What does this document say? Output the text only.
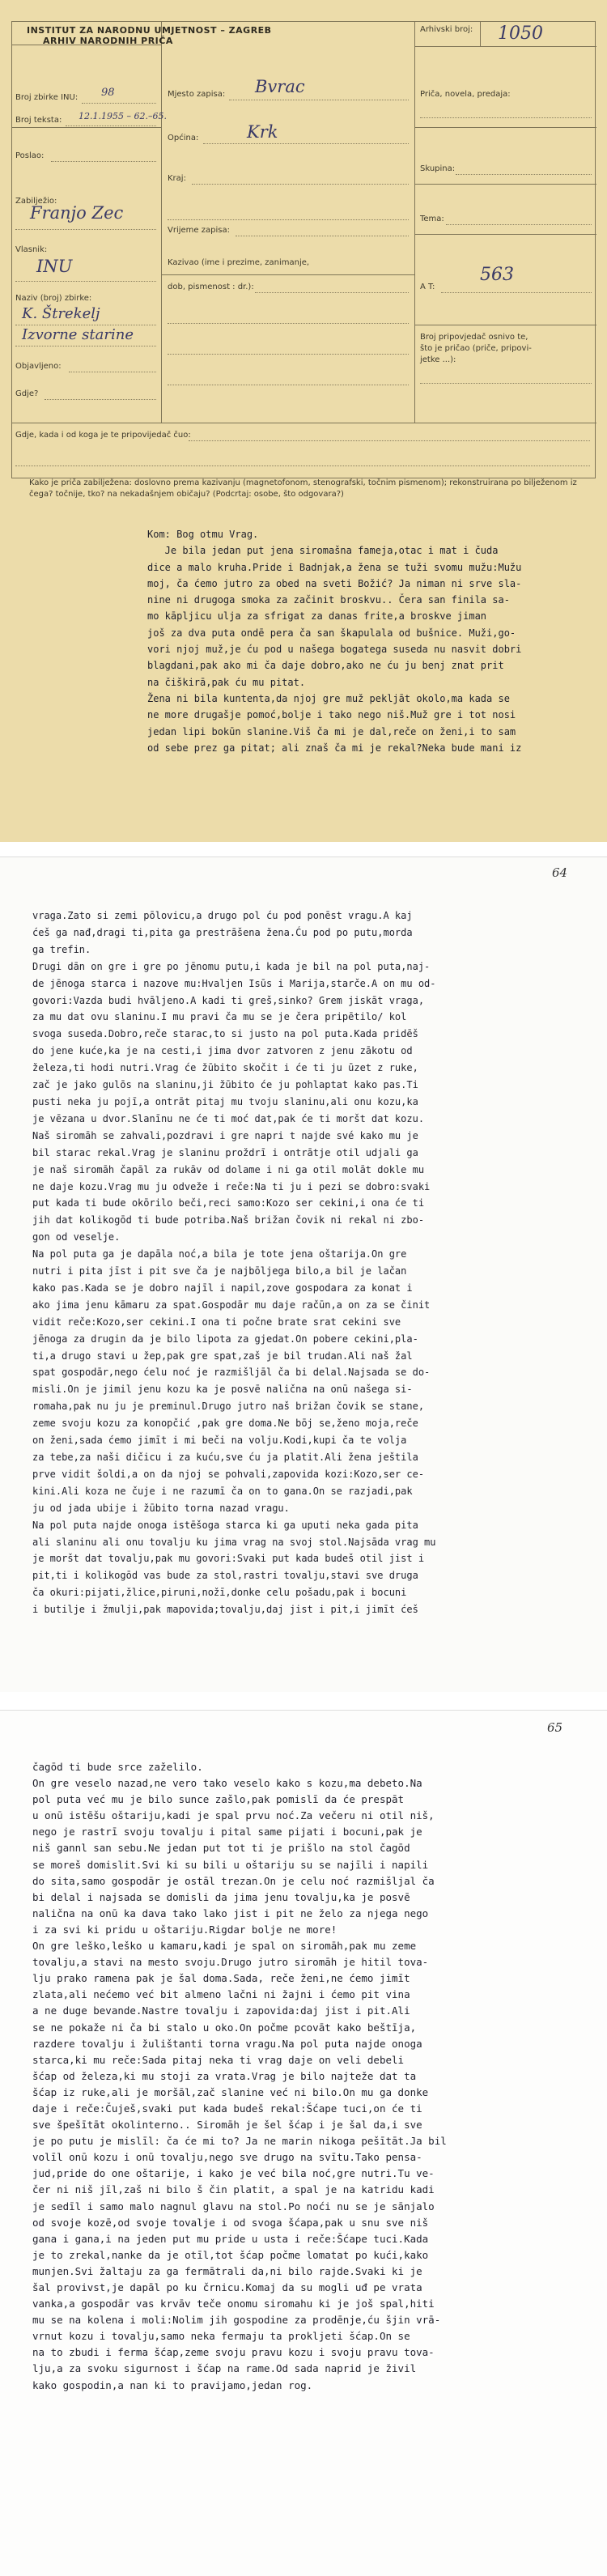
INSTITUT ZA NARODNU UMJETNOST – ZAGREB
ARHIV NARODNIH PRIČA
Broj zbirke INU: 98
Broj teksta: 12.1.1955 – 62.–65.
Poslao:
Zabilježio:
Franjo Zec
Vlasnik:
INU
Naziv (broj) zbirke:
K. Štrekelj
Izvorne starine
Objavljeno:
Gdje?
Mjesto zapisa: Bvrac
Općina:	Krk
Kraj:
Vrijeme zapisa:
Kazivao (ime i prezime, zanimanje,
dob, pismenost : dr.):
Arhivski broj: 1050
Priča, novela, predaja:
Skupina:
Tema:
A T:
563
Broj pripovjedač osnivo te,
što je pričao (priče, pripovi-
jetke ...):
Gdje, kada i od koga je te pripovijedač čuo:
Kako je priča zabilježena: doslovno prema kazivanju (magnetofonom, stenografski, točnim pismenom); rekonstruirana po bilježenom iz čega? točnije, tko? na nekadašnjem običaju? (Podcrtaj: osobe, što odgovara?)
Kom: Bog otmu Vrag.
Je bila jedan put jena siromašna fameja,otac i mat i čuda
dice a malo kruha.Pride i Badnjak,a žena se tuži svomu mužu:Mužu
moj, ča ćemo jutro za obed na sveti Božić? Ja niman ni srve sla-
nine ni drugoga smoka za začinit broskvu.. Čera san finila sa-
mo kāpljicu ulja za sfrigat za danas frite,a broskve jiman
još za dva puta ondē pera ča san škapulala od bušnice. Muži,go-
vori njoj muž,je ću pod u našega bogatega suseda nu nasvit dobri
blagdani,pak ako mi ča daje dobro,ako ne ću ju benj znat prit
na čiškirā,pak ću mu pitat.
Žena ni bila kuntenta,da njoj gre muž pekljāt okolo,ma kada se
ne more drugašje pomoć,bolje i tako nego niš.Muž gre i tot nosi
jedan lipi bokūn slanine.Viš ča mi je dal,reče on ženi,i to sam
od sebe prez ga pitat; ali znaš ča mi je rekal?Neka bude mani iz
64
vraga.Zato si zemi pōlovicu,a drugo pol ću pod ponēst vragu.A kaj
ćeš ga nađ,dragi ti,pita ga prestrāšena žena.Ću pod po putu,morda
ga trefin.
Drugi dān on gre i gre po jēnomu putu,i kada je bil na pol puta,naj-
de jēnoga starca i nazove mu:Hvaljen Isūs i Marija,starče.A on mu od-
govori:Vazda budi hvāljeno.A kadi ti greš,sinko? Grem jiskāt vraga,
za mu dat ovu slaninu.I mu pravi ča mu se je čera pripētilo/ kol
svoga suseda.Dobro,reče starac,to si justo na pol puta.Kada pridēš
do jene kuće,ka je na cesti,i jima dvor zatvoren z jenu zākotu od
železa,ti hodi nutri.Vrag će žūbito skočit i će ti ju ūzet z ruke,
zač je jako gulōs na slaninu,ji žūbito će ju pohlaptat kako pas.Ti
pusti neka ju pojī,a ontrāt pitaj mu tvoju slaninu,ali onu kozu,ka
je vēzana u dvor.Slanīnu ne će ti moć dat,pak će ti moršt dat kozu.
Naš siromāh se zahvali,pozdravi i gre napri t najde své kako mu je
bil starac rekal.Vrag je slaninu proždrī i ontrātje otil udjali ga
je naš siromāh čapāl za rukāv od dolame i ni ga otil molāt dokle mu
ne daje kozu.Vrag mu ju odveže i reče:Na ti ju i pezi se dobro:svaki
put kada ti bude okōrilo beči,reci samo:Kozo ser cekini,i ona će ti
jih dat kolikogōd ti bude potriba.Naš brižan čovik ni rekal ni zbo-
gon od veselje.
Na pol puta ga je dapāla noć,a bila je tote jena oštarija.On gre
nutri i pita jīst i pit sve ča je najbōljega bilo,a bil je lačan
kako pas.Kada se je dobro najīl i napil,zove gospodara za konat i
ako jima jenu kāmaru za spat.Gospodār mu daje račūn,a on za se činit
vidit reče:Kozo,ser cekini.I ona ti počne brate srat cekini sve
jēnoga za drugin da je bilo lipota za gjedat.On pobere cekini,pla-
ti,a drugo stavi u žep,pak gre spat,zaš je bil trudan.Ali naš žal
spat gospodār,nego ćelu noć je razmišljāl ča bi delal.Najsada se do-
misli.On je jimil jenu kozu ka je posvē nalična na onū našega si-
romaha,pak nu ju je preminul.Drugo jutro naš brižan čovik se stane,
zeme svoju kozu za konopčić ,pak gre doma.Ne bōj se,ženo moja,reče
on ženi,sada ćemo jimīt i mi beči na volju.Kodi,kupi ča te volja
za tebe,za naši dičicu i za kuću,sve ću ja platit.Ali žena ještila
prve vidit šoldi,a on da njoj se pohvali,zapovida kozi:Kozo,ser ce-
kini.Ali koza ne čuje i ne razumī ča on to gana.On se razjadi,pak
ju od jada ubije i žūbito torna nazad vragu.
Na pol puta najde onoga istēšoga starca ki ga uputi neka gada pita
ali slaninu ali onu tovalju ku jima vrag na svoj stol.Najsāda vrag mu
je moršt dat tovalju,pak mu govori:Svaki put kada budeš otil jist i
pit,ti i kolikogōd vas bude za stol,rastri tovalju,stavi sve druga
ča okuri:pijati,žlice,piruni,nožī,donke celu pošadu,pak i bocuni
i butilje i žmulji,pak mapovida;tovalju,daj jist i pit,i jimīt ćeš
65
čagōd ti bude srce zaželilo.
On gre veselo nazad,ne vero tako veselo kako s kozu,ma debeto.Na
pol puta već mu je bilo sunce zašlo,pak pomislī da će prespāt
u onū istēšu oštariju,kadi je spal prvu noć.Za večeru ni otil niš,
nego je rastrī svoju tovalju i pital same pijati i bocuni,pak je
niš gannl san sebu.Ne jedan put tot ti je prišlo na stol čagōd
se moreš domislit.Svi ki su bili u oštariju su se najīli i napili
do sita,samo gospodār je ostāl trezan.On je celu noć razmišljal ča
bi delal i najsada se domisli da jima jenu tovalju,ka je posvē
nalična na onū ka dava tako lako jist i pit ne želo za njega nego
i za svi ki pridu u oštariju.Rigdar bolje ne more!
On gre leško,leško u kamaru,kadi je spal on siromāh,pak mu zeme
tovalju,a stavi na mesto svoju.Drugo jutro siromāh je hitil tova-
lju prako ramena pak je šal doma.Sada, reče ženi,ne ćemo jimīt
zlata,ali nećemo već bit almeno lačni ni žajni i ćemo pit vina
a ne duge bevande.Nastre tovalju i zapovida:daj jist i pit.Ali
se ne pokaže ni ča bi stalo u oko.On počme pcovāt kako beštīja,
razdere tovalju i žulištanti torna vragu.Na pol puta najde onoga
starca,ki mu reče:Sada pitaj neka ti vrag daje on veli debeli
šćap od železa,ki mu stoji za vrata.Vrag je bilo najteže dat ta
šćap iz ruke,ali je moršāl,zač slanine već ni bilo.On mu ga donke
daje i reče:Čuješ,svaki put kada budeš rekal:Šćape tuci,on će ti
sve špešītāt okolinterno.. Siromāh je šel šćap i je šal da,i sve
je po putu je mislīl: ča će mi to? Ja ne marin nikoga pešītāt.Ja bil
volīl onū kozu i onū tovalju,nego sve drugo na svītu.Tako pensa-
jud,pride do one oštarije, i kako je već bila noć,gre nutri.Tu ve-
čer ni niš jīl,zaš ni bilo š čin platit, a spal je na katridu kadi
je sedīl i samo malo nagnul glavu na stol.Po noći nu se je sānjalo
od svoje kozē,od svoje tovalje i od svoga šćapa,pak u snu sve niš
gana i gana,i na jeden put mu pride u usta i reče:Šćape tuci.Kada
je to zrekal,nanke da je otīl,tot šćap počme lomatat po kući,kako
munjen.Svi žaltaju za ga fermātrali da,ni bilo rajde.Svaki ki je
šal provivst,je dapāl po ku črnicu.Komaj da su mogli uđ pe vrata
vanka,a gospodār vas krvāv teče onomu siromahu ki je još spal,hiti
mu se na kolena i moli:Nolim jih gospodine za prodēnje,ću šjin vrā-
vrnut kozu i tovalju,samo neka fermaju ta prokljeti šćap.On se
na to zbudi i ferma šćap,zeme svoju pravu kozu i svoju pravu tova-
lju,a za svoku sigurnost i šćap na rame.Od sada naprid je živil
kako gospodin,a nan ki to pravijamo,jedan rog.
